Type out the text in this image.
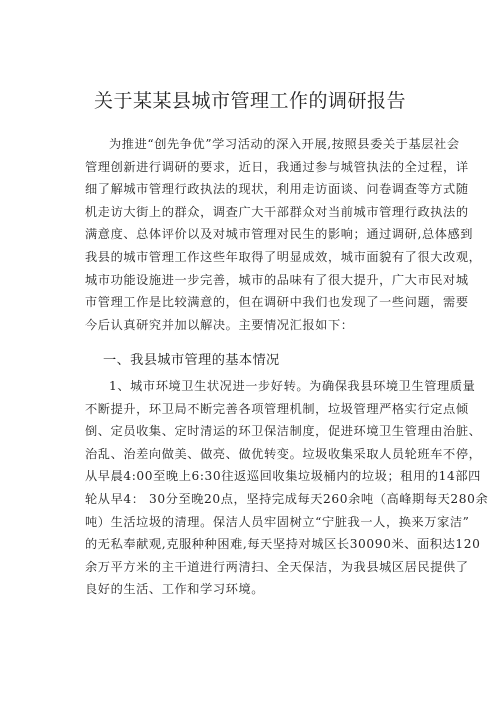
关于某某县城市管理工作的调研报告
为推进“创先争优”学习活动的深入开展,按照县委关于基层社会
管理创新进行调研的要求，近日，我通过参与城管执法的全过程，详
细了解城市管理行政执法的现状，利用走访面谈、问卷调查等方式随
机走访大街上的群众，调查广大干部群众对当前城市管理行政执法的
满意度、总体评价以及对城市管理对民生的影响；通过调研,总体感到
我县的城市管理工作这些年取得了明显成效，城市面貌有了很大改观，
城市功能设施进一步完善，城市的品味有了很大提升，广大市民对城
市管理工作是比较满意的，但在调研中我们也发现了一些问题，需要
今后认真研究并加以解决。主要情况汇报如下：
一、我县城市管理的基本情况
1、城市环境卫生状况进一步好转。为确保我县环境卫生管理质量
不断提升，环卫局不断完善各项管理机制，垃圾管理严格实行定点倾
倒、定员收集、定时清运的环卫保洁制度，促进环境卫生管理由治脏、
治乱、治差向做美、做亮、做优转变。垃圾收集采取人员轮班车不停，
从早晨4:00至晚上6:30往返巡回收集垃圾桶内的垃圾；租用的14部四
轮从早4： 30分至晚20点，坚持完成每天260余吨（高峰期每天280余
吨）生活垃圾的清理。保洁人员牢固树立“宁脏我一人，换来万家洁”
的无私奉献观,克服种种困难,每天坚持对城区长30090米、面积达120
余万平方米的主干道进行两清扫、全天保洁，为我县城区居民提供了
良好的生活、工作和学习环境。
